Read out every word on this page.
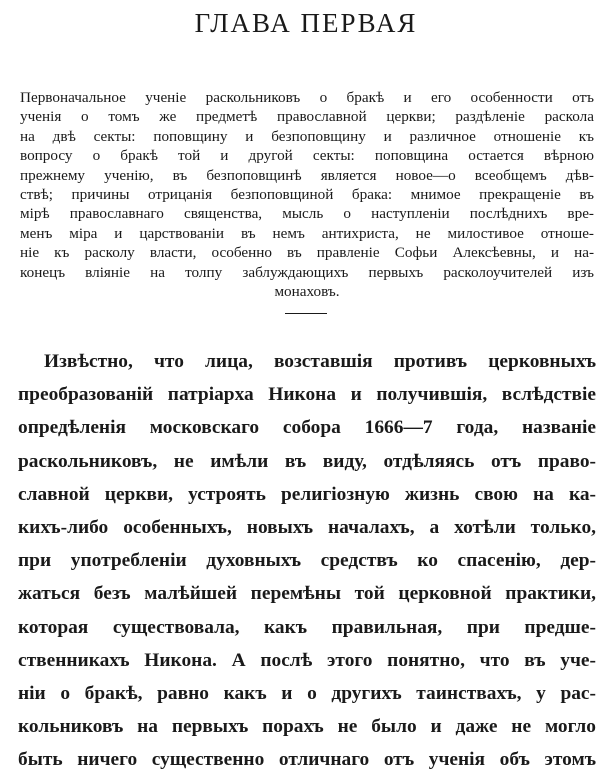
ГЛАВА ПЕРВАЯ
Первоначальное ученіе раскольниковъ о бракѣ и его особенности отъ
ученія о томъ же предметѣ православной церкви; раздѣленіе раскола
на двѣ секты: поповщину и безпоповщину и различное отношеніе къ
вопросу о бракѣ той и другой секты: поповщина остается вѣрною
прежнему ученію, въ безпоповщинѣ является новое—о всеобщемъ дѣв-
ствѣ; причины отрицанія безпоповщиной брака: мнимое прекращеніе въ
мірѣ православнаго священства, мысль о наступленіи послѣднихъ вре-
менъ міра и царствованіи въ немъ антихриста, не милостивое отноше-
ніе къ расколу власти, особенно въ правленіе Софьи Алексѣевны, и на-
конецъ вліяніе на толпу заблуждающихъ первыхъ расколоучителей изъ
монаховъ.
Извѣстно, что лица, возставшія противъ церковныхъ
преобразованій патріарха Никона и получившія, вслѣдствіе
опредѣленія московскаго собора 1666—7 года, названіе
раскольниковъ, не имѣли въ виду, отдѣляясь отъ право-
славной церкви, устроять религіозную жизнь свою на ка-
кихъ-либо особенныхъ, новыхъ началахъ, а хотѣли только,
при употребленіи духовныхъ средствъ ко спасенію, дер-
жаться безъ малѣйшей перемѣны той церковной практики,
которая существовала, какъ правильная, при предше-
ственникахъ Никона. А послѣ этого понятно, что въ уче-
ніи о бракѣ, равно какъ и о другихъ таинствахъ, у рас-
кольниковъ на первыхъ порахъ не было и даже не могло
быть ничего существенно отличнаго отъ ученія объ этомъ
